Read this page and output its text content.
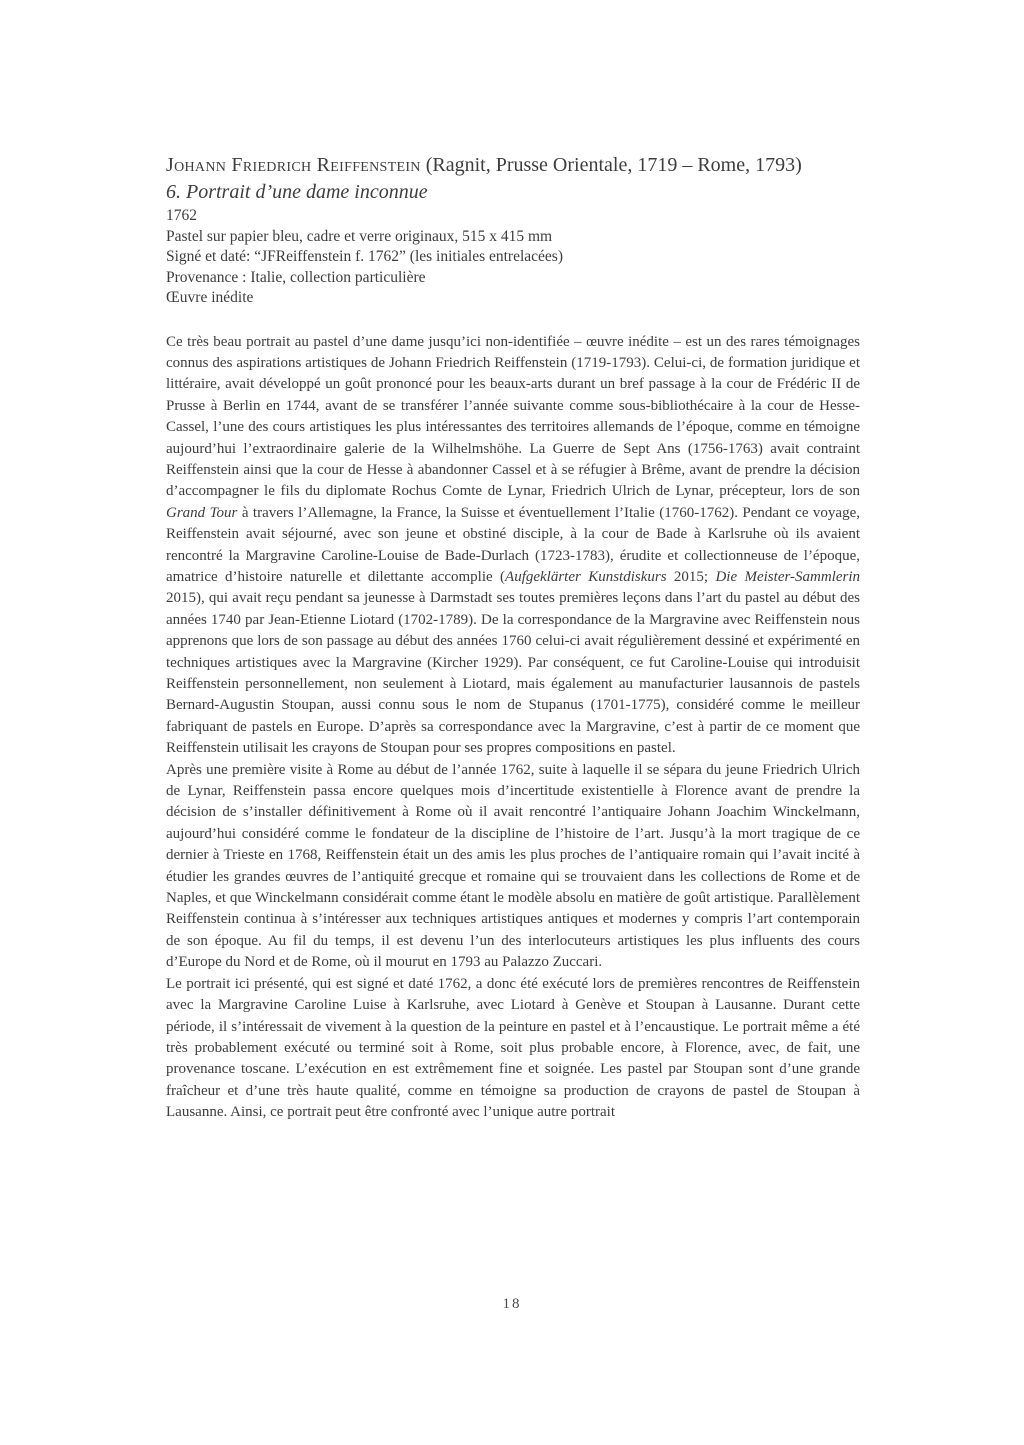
Johann Friedrich Reiffenstein (Ragnit, Prusse Orientale, 1719 – Rome, 1793)
6. Portrait d’une dame inconnue
1762
Pastel sur papier bleu, cadre et verre originaux, 515 x 415 mm
Signé et daté: “JFReiffenstein f. 1762” (les initiales entrelacées)
Provenance : Italie, collection particulière
Œuvre inédite

Ce très beau portrait au pastel d’une dame jusqu’ici non-identifiée – œuvre inédite – est un des rares témoignages connus des aspirations artistiques de Johann Friedrich Reiffenstein (1719-1793). Celui-ci, de formation juridique et littéraire, avait développé un goût prononcé pour les beaux-arts durant un bref passage à la cour de Frédéric II de Prusse à Berlin en 1744, avant de se transférer l’année suivante comme sous-bibliothécaire à la cour de Hesse-Cassel, l’une des cours artistiques les plus intéressantes des territoires allemands de l’époque, comme en témoigne aujourd’hui l’extraordinaire galerie de la Wilhelmshöhe. La Guerre de Sept Ans (1756-1763) avait contraint Reiffenstein ainsi que la cour de Hesse à abandonner Cassel et à se réfugier à Brême, avant de prendre la décision d’accompagner le fils du diplomate Rochus Comte de Lynar, Friedrich Ulrich de Lynar, précepteur, lors de son Grand Tour à travers l’Allemagne, la France, la Suisse et éventuellement l’Italie (1760-1762). Pendant ce voyage, Reiffenstein avait séjourné, avec son jeune et obstiné disciple, à la cour de Bade à Karlsruhe où ils avaient rencontré la Margravine Caroline-Louise de Bade-Durlach (1723-1783), érudite et collectionneuse de l’époque, amatrice d’histoire naturelle et dilettante accomplie (Aufgeklärter Kunstdiskurs 2015; Die Meister-Sammlerin 2015), qui avait reçu pendant sa jeunesse à Darmstadt ses toutes premières leçons dans l’art du pastel au début des années 1740 par Jean-Etienne Liotard (1702-1789). De la correspondance de la Margravine avec Reiffenstein nous apprenons que lors de son passage au début des années 1760 celui-ci avait régulièrement dessiné et expérimenté en techniques artistiques avec la Margravine (Kircher 1929). Par conséquent, ce fut Caroline-Louise qui introduisit Reiffenstein personnellement, non seulement à Liotard, mais également au manufacturier lausannois de pastels Bernard-Augustin Stoupan, aussi connu sous le nom de Stupanus (1701-1775), considéré comme le meilleur fabriquant de pastels en Europe. D’après sa correspondance avec la Margravine, c’est à partir de ce moment que Reiffenstein utilisait les crayons de Stoupan pour ses propres compositions en pastel.

Après une première visite à Rome au début de l’année 1762, suite à laquelle il se sépara du jeune Friedrich Ulrich de Lynar, Reiffenstein passa encore quelques mois d’incertitude existentielle à Florence avant de prendre la décision de s’installer définitivement à Rome où il avait rencontré l’antiquaire Johann Joachim Winckelmann, aujourd’hui considéré comme le fondateur de la discipline de l’histoire de l’art. Jusqu’à la mort tragique de ce dernier à Trieste en 1768, Reiffenstein était un des amis les plus proches de l’antiquaire romain qui l’avait incité à étudier les grandes œuvres de l’antiquité grecque et romaine qui se trouvaient dans les collections de Rome et de Naples, et que Winckelmann considérait comme étant le modèle absolu en matière de goût artistique. Parallèlement Reiffenstein continua à s’intéresser aux techniques artistiques antiques et modernes y compris l’art contemporain de son époque. Au fil du temps, il est devenu l’un des interlocuteurs artistiques les plus influents des cours d’Europe du Nord et de Rome, où il mourut en 1793 au Palazzo Zuccari.

Le portrait ici présenté, qui est signé et daté 1762, a donc été exécuté lors de premières rencontres de Reiffenstein avec la Margravine Caroline Luise à Karlsruhe, avec Liotard à Genève et Stoupan à Lausanne. Durant cette période, il s’intéressait de vivement à la question de la peinture en pastel et à l’encaustique. Le portrait même a été très probablement exécuté ou terminé soit à Rome, soit plus probable encore, à Florence, avec, de fait, une provenance toscane. L’exécution en est extrêmement fine et soignée. Les pastel par Stoupan sont d’une grande fraîcheur et d’une très haute qualité, comme en témoigne sa production de crayons de pastel de Stoupan à Lausanne. Ainsi, ce portrait peut être confronté avec l’unique autre portrait

18
